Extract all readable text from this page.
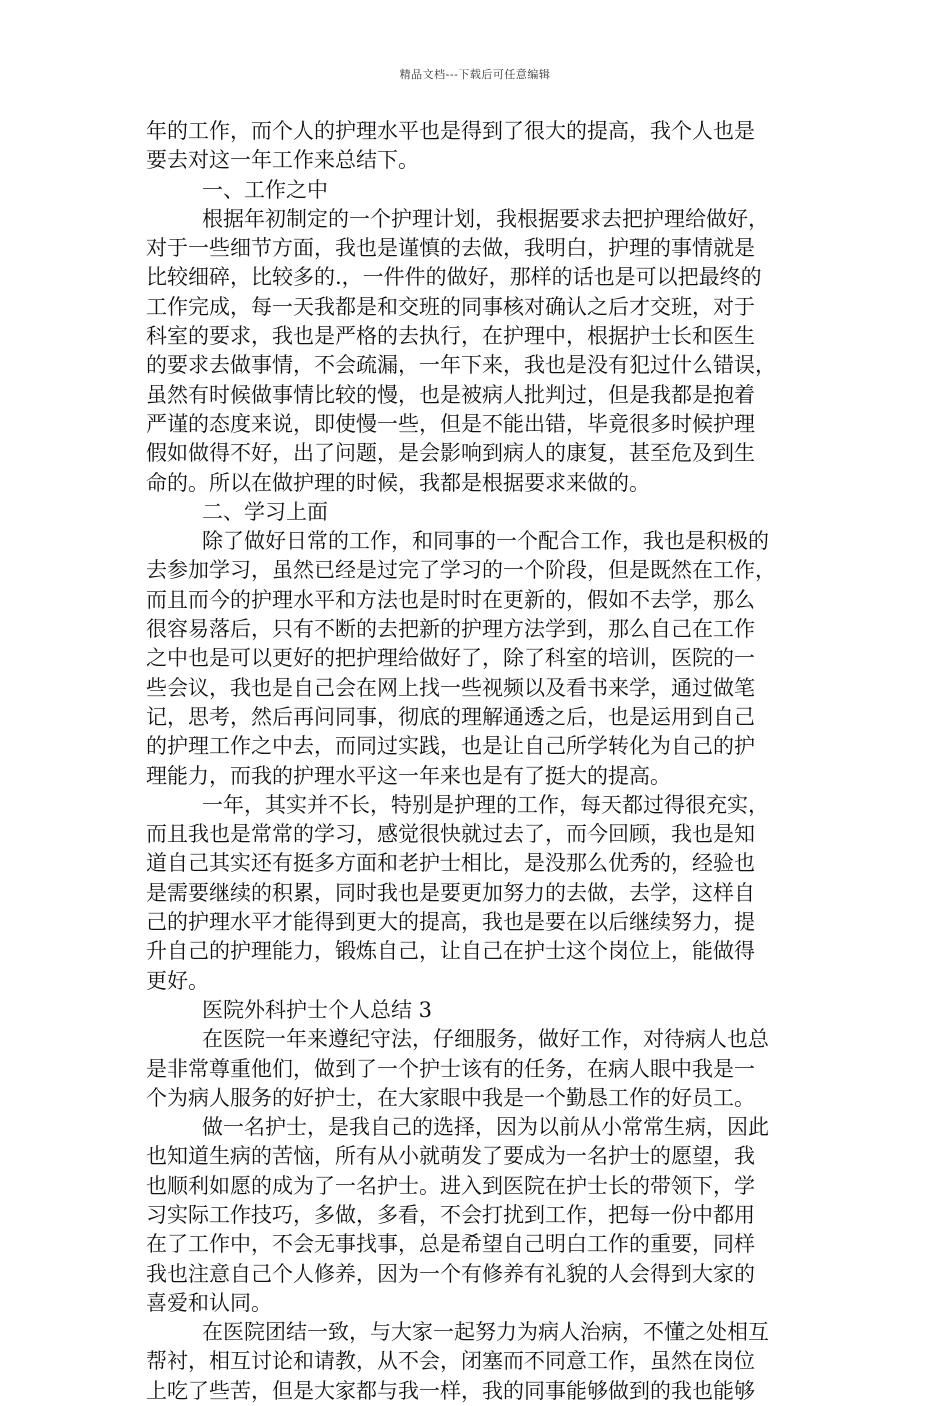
精品文档---下载后可任意编辑
年的工作，而个人的护理水平也是得到了很大的提高，我个人也是
要去对这一年工作来总结下。
一、工作之中
根据年初制定的一个护理计划，我根据要求去把护理给做好，
对于一些细节方面，我也是谨慎的去做，我明白，护理的事情就是
比较细碎，比较多的.，一件件的做好，那样的话也是可以把最终的
工作完成，每一天我都是和交班的同事核对确认之后才交班，对于
科室的要求，我也是严格的去执行，在护理中，根据护士长和医生
的要求去做事情，不会疏漏，一年下来，我也是没有犯过什么错误，
虽然有时候做事情比较的慢，也是被病人批判过，但是我都是抱着
严谨的态度来说，即使慢一些，但是不能出错，毕竟很多时候护理
假如做得不好，出了问题，是会影响到病人的康复，甚至危及到生
命的。所以在做护理的时候，我都是根据要求来做的。
二、学习上面
除了做好日常的工作，和同事的一个配合工作，我也是积极的
去参加学习，虽然已经是过完了学习的一个阶段，但是既然在工作，
而且而今的护理水平和方法也是时时在更新的，假如不去学，那么
很容易落后，只有不断的去把新的护理方法学到，那么自己在工作
之中也是可以更好的把护理给做好了，除了科室的培训，医院的一
些会议，我也是自己会在网上找一些视频以及看书来学，通过做笔
记，思考，然后再问同事，彻底的理解通透之后，也是运用到自己
的护理工作之中去，而同过实践，也是让自己所学转化为自己的护
理能力，而我的护理水平这一年来也是有了挺大的提高。
一年，其实并不长，特别是护理的工作，每天都过得很充实，
而且我也是常常的学习，感觉很快就过去了，而今回顾，我也是知
道自己其实还有挺多方面和老护士相比，是没那么优秀的，经验也
是需要继续的积累，同时我也是要更加努力的去做，去学，这样自
己的护理水平才能得到更大的提高，我也是要在以后继续努力，提
升自己的护理能力，锻炼自己，让自己在护士这个岗位上，能做得
更好。
医院外科护士个人总结 3
在医院一年来遵纪守法，仔细服务，做好工作，对待病人也总
是非常尊重他们，做到了一个护士该有的任务，在病人眼中我是一
个为病人服务的好护士，在大家眼中我是一个勤恳工作的好员工。
做一名护士，是我自己的选择，因为以前从小常常生病，因此
也知道生病的苦恼，所有从小就萌发了要成为一名护士的愿望，我
也顺利如愿的成为了一名护士。进入到医院在护士长的带领下，学
习实际工作技巧，多做，多看，不会打扰到工作，把每一份中都用
在了工作中，不会无事找事，总是希望自己明白工作的重要，同样
我也注意自己个人修养，因为一个有修养有礼貌的人会得到大家的
喜爱和认同。
在医院团结一致，与大家一起努力为病人治病，不懂之处相互
帮衬，相互讨论和请教，从不会，闭塞而不同意工作，虽然在岗位
上吃了些苦，但是大家都与我一样，我的同事能够做到的我也能够
